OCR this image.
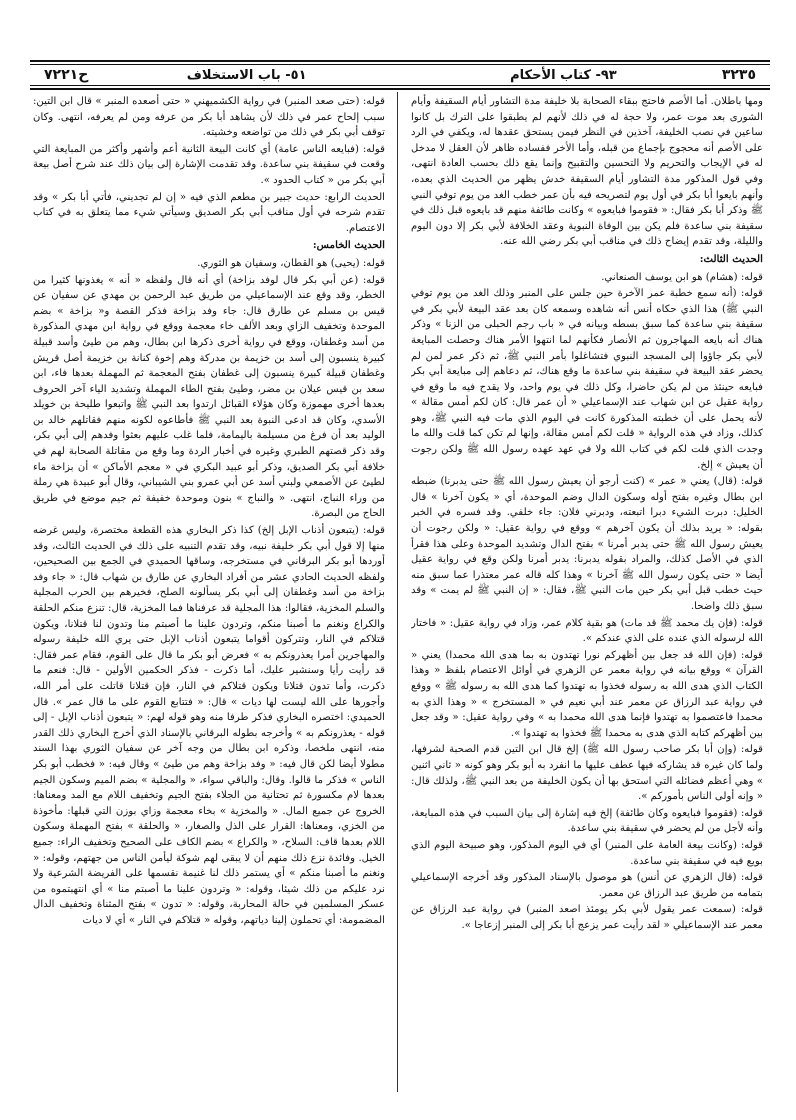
٣٢٣٥
٩٣- كتاب الأحكام
٥١- باب الاستخلاف
ح٧٢٢١

ومها باطلان. أما الأصم فاحتج ببقاء الصحابة بلا خليفة مدة التشاور أيام السقيفة وأيام الشورى بعد موت عمر، ولا حجة له في ذلك لأنهم لم يطبقوا على الترك بل كانوا ساعين في نصب الخليفة، آخذين في النظر فيمن يستحق عقدها له، ويكفي في الرد على الأصم أنه محجوج بإجماع من قبله، وأما الأخر ففساده ظاهر لأن العقل لا مدخل له في الإيجاب والتحريم ولا التحسين والتقبيح وإنما يقع ذلك بحسب العادة انتهى، وفي قول المذكور مدة التشاور أيام السقيفة خدش يظهر من الحديث الذي بعده، وأنهم بايعوا أبا بكر في أول يوم لتصريحه فيه بأن عمر خطب الغد من يوم توفي النبي ﷺ وذكر أبا بكر فقال: « فقوموا فبايعوه » وكانت طائفة منهم قد بايعوه قبل ذلك في سقيفة بني ساعدة فلم يكن بين الوفاة النبوية وعقد الخلافة لأبي بكر إلا دون اليوم والليلة، وقد تقدم إيضاح ذلك في مناقب أبي بكر رضي الله عنه.

الحديث الثالث:

قوله: (هشام) هو ابن يوسف الصنعاني.

قوله: (أنه سمع خطبة عمر الآخرة حين جلس على المنبر وذلك الغد من يوم توفي النبي ﷺ) هذا الذي حكاه أنس أنه شاهده وسمعه كان بعد عقد البيعة لأبي بكر في سقيفة بني ساعدة كما سبق بسطه وبيانه في « باب رجم الحبلى من الزنا » وذكر هناك أنه بايعه المهاجرون ثم الأنصار فكأنهم لما انتهوا الأمر هناك وحصلت المبايعة لأبي بكر جاؤوا إلى المسجد النبوي فتشاغلوا بأمر النبي ﷺ، ثم ذكر عمر لمن لم يحضر عقد البيعة في سقيفة بني ساعدة ما وقع هناك، ثم دعاهم إلى مبايعة أبي بكر فبايعه حينئذ من لم يكن حاضرا، وكل ذلك في يوم واحد، ولا يقدح فيه ما وقع في رواية عقيل عن ابن شهاب عند الإسماعيلي « أن عمر قال: كان لكم أمس مقالة » لأنه يحمل على أن خطبته المذكورة كانت في اليوم الذي مات فيه النبي ﷺ، وهو كذلك، وزاد في هذه الرواية « قلت لكم أمس مقالة، وإنها لم تكن كما قلت والله ما وجدت الذي قلت لكم في كتاب الله ولا في عهد عهده رسول الله ﷺ ولكن رجوت أن يعيش » إلخ.

قوله: (قال) يعني « عمر » (كنت أرجو أن يعيش رسول الله ﷺ حتى يدبرنا) ضبطه ابن بطال وغيره بفتح أوله وسكون الدال وضم الموحدة، أي « يكون آخرنا » قال الخليل: دبرت الشيء دبرا اتبعته، ودبرني فلان: جاء خلفي. وقد فسره في الخبر بقوله: « يريد بذلك أن يكون آخرهم » ووقع في رواية عقيل: « ولكن رجوت أن يعيش رسول الله ﷺ حتى يدبر أمرنا » بفتح الدال وتشديد الموحدة وعلى هذا فقرأ الذي في الأصل كذلك، والمراد بقوله يدبرنا: يدبر أمرنا ولكن وقع في رواية عقيل أيضا « حتى يكون رسول الله ﷺ آخرنا » وهذا كله قاله عمر معتذرا عما سبق منه حيث خطب قبل أبي بكر حين مات النبي ﷺ، فقال: « إن النبي ﷺ لم يمت » وقد سبق ذلك واضحا.

قوله: (فإن يك محمد ﷺ قد مات) هو بقية كلام عمر، وزاد في رواية عقيل: « فاختار الله لرسوله الذي عنده على الذي عندكم ».

قوله: (فإن الله قد جعل بين أظهركم نورا تهتدون به بما هدى الله محمدا) يعني « القرآن » ووقع بيانه في رواية معمر عن الزهري في أوائل الاعتصام بلفظ « وهذا الكتاب الذي هدى الله به رسوله فخذوا به تهتدوا كما هدى الله به رسوله ﷺ » ووقع في رواية عبد الرزاق عن معمر عند أبي نعيم في « المستخرج » « وهذا الذي به محمدا فاعتصموا به تهتدوا فإنما هدى الله محمدا به » وفي رواية عقيل: « وقد جعل بين أظهركم كتابه الذي هدى به محمدا ﷺ فخذوا به تهتدوا ».

قوله: (وإن أبا بكر صاحب رسول الله ﷺ) إلخ قال ابن التين قدم الصحبة لشرفها، ولما كان غيره قد يشاركه فيها عطف عليها ما انفرد به أبو بكر وهو كونه « ثاني اثنين » وهي أعظم فضائله التي استحق بها أن يكون الخليفة من بعد النبي ﷺ، ولذلك قال: « وإنه أولى الناس بأموركم ».

قوله: (فقوموا فبايعوه وكان طائفة) إلخ فيه إشارة إلى بيان السبب في هذه المبايعة، وأنه لأجل من لم يحضر في سقيفة بني ساعدة.

قوله: (وكانت بيعة العامة على المنبر) أي في اليوم المذكور، وهو صبيحة اليوم الذي بويع فيه في سقيفة بني ساعدة.

قوله: (قال الزهري عن أنس) هو موصول بالإسناد المذكور وقد أخرجه الإسماعيلي بتمامه من طريق عبد الرزاق عن معمر.

قوله: (سمعت عمر يقول لأبي بكر يومئذ اصعد المنبر) في رواية عبد الرزاق عن معمر عند الإسماعيلي « لقد رأيت عمر يزعج أبا بكر إلى المنبر إزعاجا ».

قوله: (حتى صعد المنبر) في رواية الكشميهني « حتى أصعده المنبر » قال ابن التين: سبب إلحاح عمر في ذلك لأن يشاهد أبا بكر من عرفه ومن لم يعرفه، انتهى. وكان توقف أبي بكر في ذلك من تواضعه وخشيته.

قوله: (فبايعه الناس عامة) أي كانت البيعة الثانية أعم وأشهر وأكثر من المبايعة التي وقعت في سقيفة بني ساعدة. وقد تقدمت الإشارة إلى بيان ذلك عند شرح أصل بيعة أبي بكر من « كتاب الحدود ».

الحديث الرابع: حديث جبير بن مطعم الذي فيه « إن لم تجديني، فأتي أبا بكر » وقد تقدم شرحه في أول مناقب أبي بكر الصديق وسيأتي شيء مما يتعلق به في كتاب الاعتصام.

الحديث الخامس:

قوله: (يحيى) هو القطان، وسفيان هو الثوري.

قوله: (عن أبي بكر قال لوفد بزاخة) أي أنه قال ولفظه « أنه » يغذونها كثيرا من الخطر، وقد وقع عند الإسماعيلي من طريق عبد الرحمن بن مهدي عن سفيان عن قيس بن مسلم عن طارق قال: جاء وفد بزاخة فذكر القصة و« بزاخة » بضم الموحدة وتخفيف الزاي وبعد الألف خاء معجمة ووقع في رواية ابن مهدي المذكورة من أسد وغطفان، ووقع في رواية أخرى ذكرها ابن بطال، وهم من طيئ وأسد قبيلة كبيرة ينسبون إلى أسد بن خزيمة بن مدركة وهم إخوة كنانة بن خزيمة أصل قريش وغطفان قبيلة كبيرة ينسبون إلى غطفان بفتح المعجمة ثم المهملة بعدها فاء، ابن سعد بن قيس عيلان بن مضر، وطيئ بفتح الطاء المهملة وتشديد الياء آخر الحروف بعدها أخرى مهموزة وكان هؤلاء القبائل ارتدوا بعد النبي ﷺ واتبعوا طليحة بن خويلد الأسدي، وكان قد ادعى النبوة بعد النبي ﷺ فأطاعوه لكونه منهم فقاتلهم خالد بن الوليد بعد أن فرغ من مسيلمة باليمامة، فلما غلب عليهم بعثوا وفدهم إلى أبي بكر، وقد ذكر قصتهم الطبري وغيره في أخبار الردة وما وقع من مقاتلة الصحابة لهم في خلافة أبي بكر الصديق، وذكر أبو عبيد البكري في « معجم الأماكن » أن بزاخة ماء لطيئ عن الأصمعي ولبني أسد عن أبي عمرو بني الشيباني، وقال أبو عبيدة هي رملة من وراء النباج، انتهى. « والنباج » بنون وموحدة خفيفة ثم جيم موضع في طريق الحاج من البصرة.

قوله: (يتبعون أذناب الإبل إلخ) كذا ذكر البخاري هذه القطعة مختصرة، وليس غرضه منها إلا قول أبي بكر خليفة نبيه، وقد تقدم التنبيه على ذلك في الحديث الثالث، وقد أوردها أبو بكر البرقاني في مستخرجه، وساقها الحميدي في الجمع بين الصحيحين، ولفظه الحديث الحادي عشر من أفراد البخاري عن طارق بن شهاب قال: « جاء وفد بزاخة من أسد وغطفان إلى أبي بكر يسألونه الصلح، فخيرهم بين الحرب المجلية والسلم المخزية، فقالوا: هذا المجلية قد عرفناها فما المخزية، قال: تنزع منكم الحلقة والكراع ونغنم ما أصبنا منكم، وتردون علينا ما أصبتم منا وتدون لنا قتلانا، ويكون قتلاكم في النار، وتتركون أقواما يتبعون أذناب الإبل حتى يري الله خليفة رسوله والمهاجرين أمرا يعذرونكم به » فعرض أبو بكر ما قال على القوم، فقام عمر فقال: قد رأيت رأيا وسنشير عليك، أما ذكرت - فذكر الحكمين الأولين - قال: فنعم ما ذكرت، وأما تدون قتلانا ويكون قتلاكم في النار، فإن قتلانا قاتلت على أمر الله، وأجورها على الله ليست لها ديات » قال: « فتتابع القوم على ما قال عمر ». قال الحميدي: اختصره البخاري فذكر طرفا منه وهو قوله لهم: « يتبعون أذناب الإبل - إلى قوله - يعذرونكم به » وأخرجه بطوله البرقاني بالإسناد الذي أخرج البخاري ذلك القدر منه، انتهى ملخصا، وذكره ابن بطال من وجه آخر عن سفيان الثوري بهذا السند مطولا أيضا لكن قال فيه: « وفد بزاخة وهم من طيئ » وقال فيه: « فخطب أبو بكر الناس » فذكر ما قالوا. وقال: والباقي سواء، « والمجلية » بضم الميم وسكون الجيم بعدها لام مكسورة ثم تحتانية من الجلاء بفتح الجيم وتخفيف اللام مع المد ومعناها: الخروج عن جميع المال. « والمخزية » بخاء معجمة وزاي بوزن التي قبلها: مأخوذة من الخزي، ومعناها: القرار على الذل والصغار، « والحلقة » بفتح المهملة وسكون اللام بعدها قاف: السلاح، « والكراع » بضم الكاف على الصحيح وتخفيف الراء: جميع الخيل. وفائدة نزع ذلك منهم أن لا يبقى لهم شوكة ليأمن الناس من جهتهم، وقوله: « ونغنم ما أصبنا منكم » أي يستمر ذلك لنا غنيمة نقسمها على الفريضة الشرعية ولا نرد عليكم من ذلك شيئا، وقوله: « وتردون علينا ما أصبتم منا » أي انتهبتموه من عسكر المسلمين في حالة المحاربة، وقوله: « تدون » بفتح المثناة وتخفيف الدال المضمومة: أي تحملون إلينا دياتهم، وقوله « قتلاكم في النار » أي لا ديات
